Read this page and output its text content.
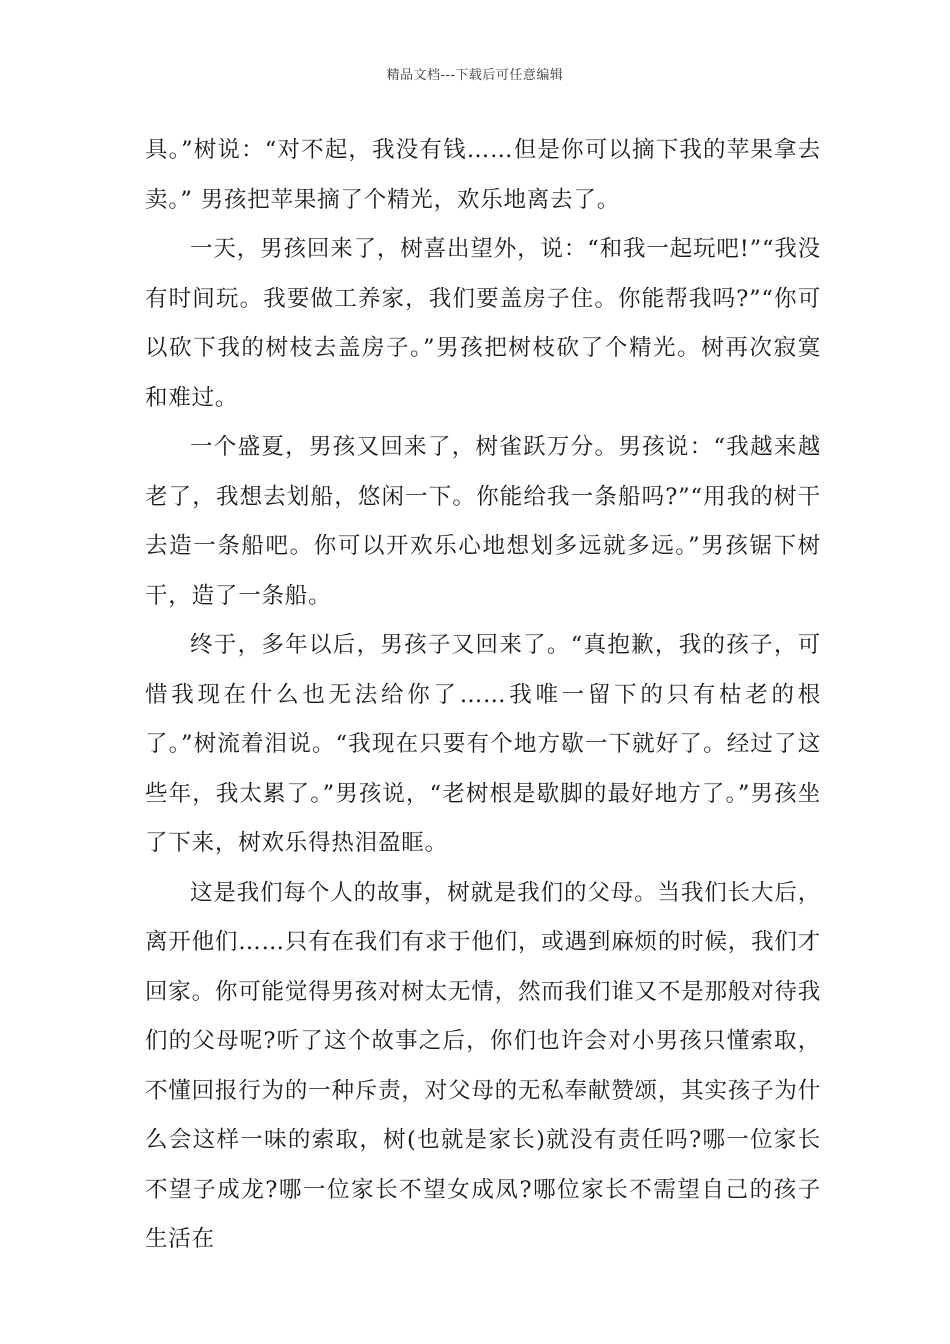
精品文档---下载后可任意编辑

具。”树说：“对不起，我没有钱……但是你可以摘下我的苹果拿去卖。” 男孩把苹果摘了个精光，欢乐地离去了。

一天，男孩回来了，树喜出望外，说：“和我一起玩吧!”“我没有时间玩。我要做工养家，我们要盖房子住。你能帮我吗?”“你可以砍下我的树枝去盖房子。”男孩把树枝砍了个精光。树再次寂寞和难过。

一个盛夏，男孩又回来了，树雀跃万分。男孩说：“我越来越老了，我想去划船，悠闲一下。你能给我一条船吗?”“用我的树干去造一条船吧。你可以开欢乐心地想划多远就多远。”男孩锯下树干，造了一条船。

终于，多年以后，男孩子又回来了。“真抱歉，我的孩子，可惜我现在什么也无法给你了……我唯一留下的只有枯老的根了。”树流着泪说。“我现在只要有个地方歇一下就好了。经过了这些年，我太累了。”男孩说，“老树根是歇脚的最好地方了。”男孩坐了下来，树欢乐得热泪盈眶。

这是我们每个人的故事，树就是我们的父母。当我们长大后，离开他们……只有在我们有求于他们，或遇到麻烦的时候，我们才回家。你可能觉得男孩对树太无情，然而我们谁又不是那般对待我们的父母呢?听了这个故事之后，你们也许会对小男孩只懂索取，不懂回报行为的一种斥责，对父母的无私奉献赞颂，其实孩子为什么会这样一味的索取，树(也就是家长)就没有责任吗?哪一位家长不望子成龙?哪一位家长不望女成凤?哪位家长不需望自己的孩子生活在
